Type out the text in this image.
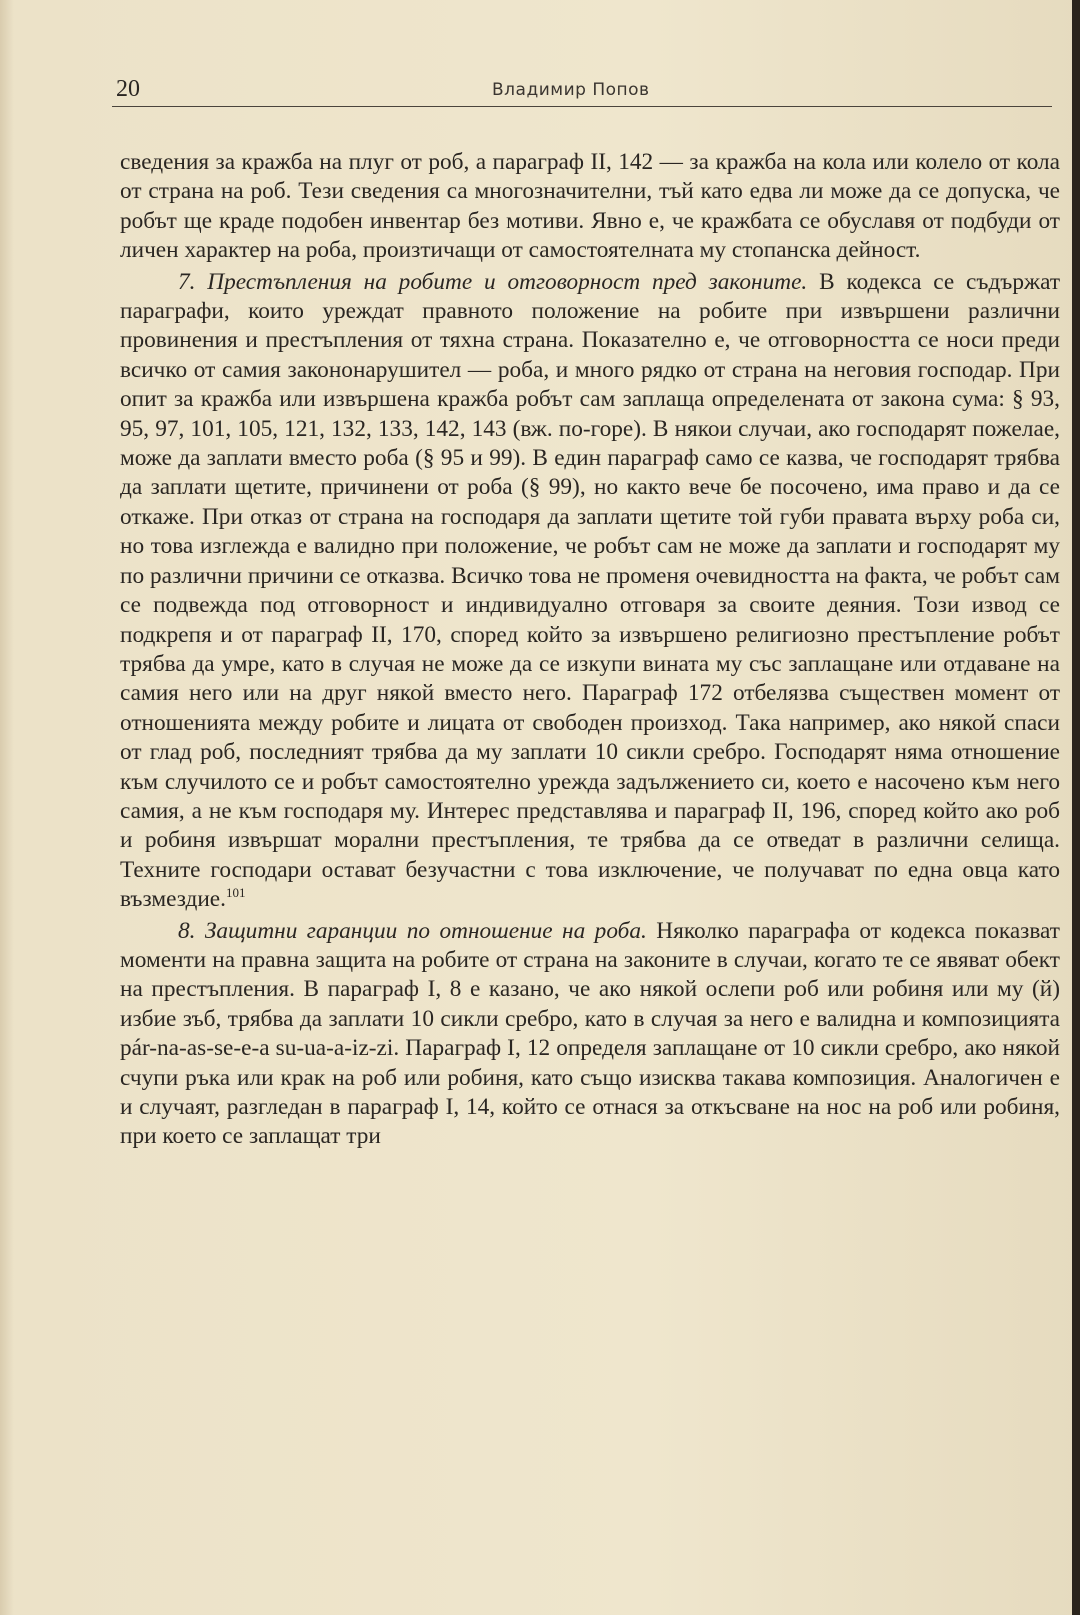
20	Владимир Попов

сведения за кражба на плуг от роб, а параграф II, 142 — за кражба на кола или колело от кола от страна на роб. Тези сведения са многозначителни, тъй като едва ли може да се допуска, че робът ще краде подобен инвентар без мотиви. Явно е, че кражбата се обуславя от подбуди от личен характер на роба, произтичащи от самостоятелната му стопанска дейност.

7. Престъпления на робите и отговорност пред законите. В кодекса се съдържат параграфи, които уреждат правното положение на робите при извършени различни провинения и престъпления от тяхна страна. Показателно е, че отговорността се носи преди всичко от самия закононарушител — роба, и много рядко от страна на неговия господар. При опит за кражба или извършена кражба робът сам заплаща определената от закона сума: § 93, 95, 97, 101, 105, 121, 132, 133, 142, 143 (вж. по-горе). В някои случаи, ако господарят пожелае, може да заплати вместо роба (§ 95 и 99). В един параграф само се казва, че господарят трябва да заплати щетите, причинени от роба (§ 99), но както вече бе посочено, има право и да се откаже. При отказ от страна на господаря да заплати щетите той губи правата върху роба си, но това изглежда е валидно при положение, че робът сам не може да заплати и господарят му по различни причини се отказва. Всичко това не променя очевидността на факта, че робът сам се подвежда под отговорност и индивидуално отговаря за своите деяния. Този извод се подкрепя и от параграф II, 170, според който за извършено религиозно престъпление робът трябва да умре, като в случая не може да се изкупи вината му със заплащане или отдаване на самия него или на друг някой вместо него. Параграф 172 отбелязва съществен момент от отношенията между робите и лицата от свободен произход. Така например, ако някой спаси от глад роб, последният трябва да му заплати 10 сикли сребро. Господарят няма отношение към случилото се и робът самостоятелно урежда задължението си, което е насочено към него самия, а не към господаря му. Интерес представлява и параграф II, 196, според който ако роб и робиня извършат морални престъпления, те трябва да се отведат в различни селища. Техните господари остават безучастни с това изключение, че получават по една овца като възмездие.$^{101}$

8. Защитни гаранции по отношение на роба. Няколко параграфа от кодекса показват моменти на правна защита на робите от страна на законите в случаи, когато те се явяват обект на престъпления. В параграф I, 8 е казано, че ако някой ослепи роб или робиня или му (й) избие зъб, трябва да заплати 10 сикли сребро, като в случая за него е валидна и композицията pár-na-as-se-e-a su-ua-a-iz-zi. Параграф I, 12 определя заплащане от 10 сикли сребро, ако някой счупи ръка или крак на роб или робиня, като също изисква такава композиция. Аналогичен е и случаят, разгледан в параграф I, 14, който се отнася за откъсване на нос на роб или робиня, при което се заплащат три
